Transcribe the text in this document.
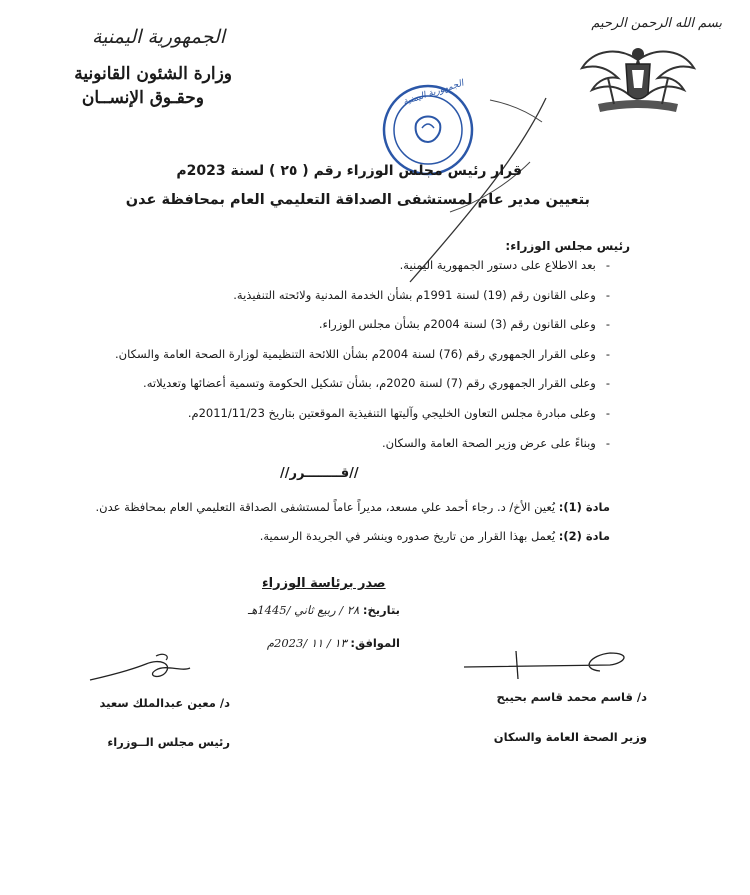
الجمهورية اليمنية
وزارة الشئون القانونية
وحقـوق الإنســان
بسم الله الرحمن الرحيم
الجمهورية اليمنية
قرار رئيس مجلس الوزراء رقم ( ٢٥ ) لسنة 2023م
بتعيين مدير عام لمستشفى الصداقة التعليمي العام بمحافظة عدن
رئيس مجلس الوزراء:
-بعد الاطلاع على دستور الجمهورية اليمنية.
-وعلى القانون رقم (19) لسنة 1991م بشأن الخدمة المدنية ولائحته التنفيذية.
-وعلى القانون رقم (3) لسنة 2004م بشأن مجلس الوزراء.
-وعلى القرار الجمهوري رقم (76) لسنة 2004م بشأن اللائحة التنظيمية لوزارة الصحة العامة والسكان.
-وعلى القرار الجمهوري رقم (7) لسنة 2020م، بشأن تشكيل الحكومة وتسمية أعضائها وتعديلاته.
-وعلى مبادرة مجلس التعاون الخليجي وآليتها التنفيذية الموقعتين بتاريخ 2011/11/23م.
-وبناءً على عرض وزير الصحة العامة والسكان.
//قــــــــرر//
مادة (1): يُعين الأخ/ د. رجاء أحمد علي مسعد، مديراً عاماً لمستشفى الصداقة التعليمي العام بمحافظة عدن.
مادة (2): يُعمل بهذا القرار من تاريخ صدوره وينشر في الجريدة الرسمية.
صدر برئاسة الوزراء
بتاريخ: ٢٨ / ربيع ثاني /1445هـ
الموافق: ١٣ / ١١ /2023م
د/ قاسم محمد قاسم بحيبح
وزير الصحة العامة والسكان
د/ معين عبدالملك سعيد
رئيس مجلس الــوزراء
